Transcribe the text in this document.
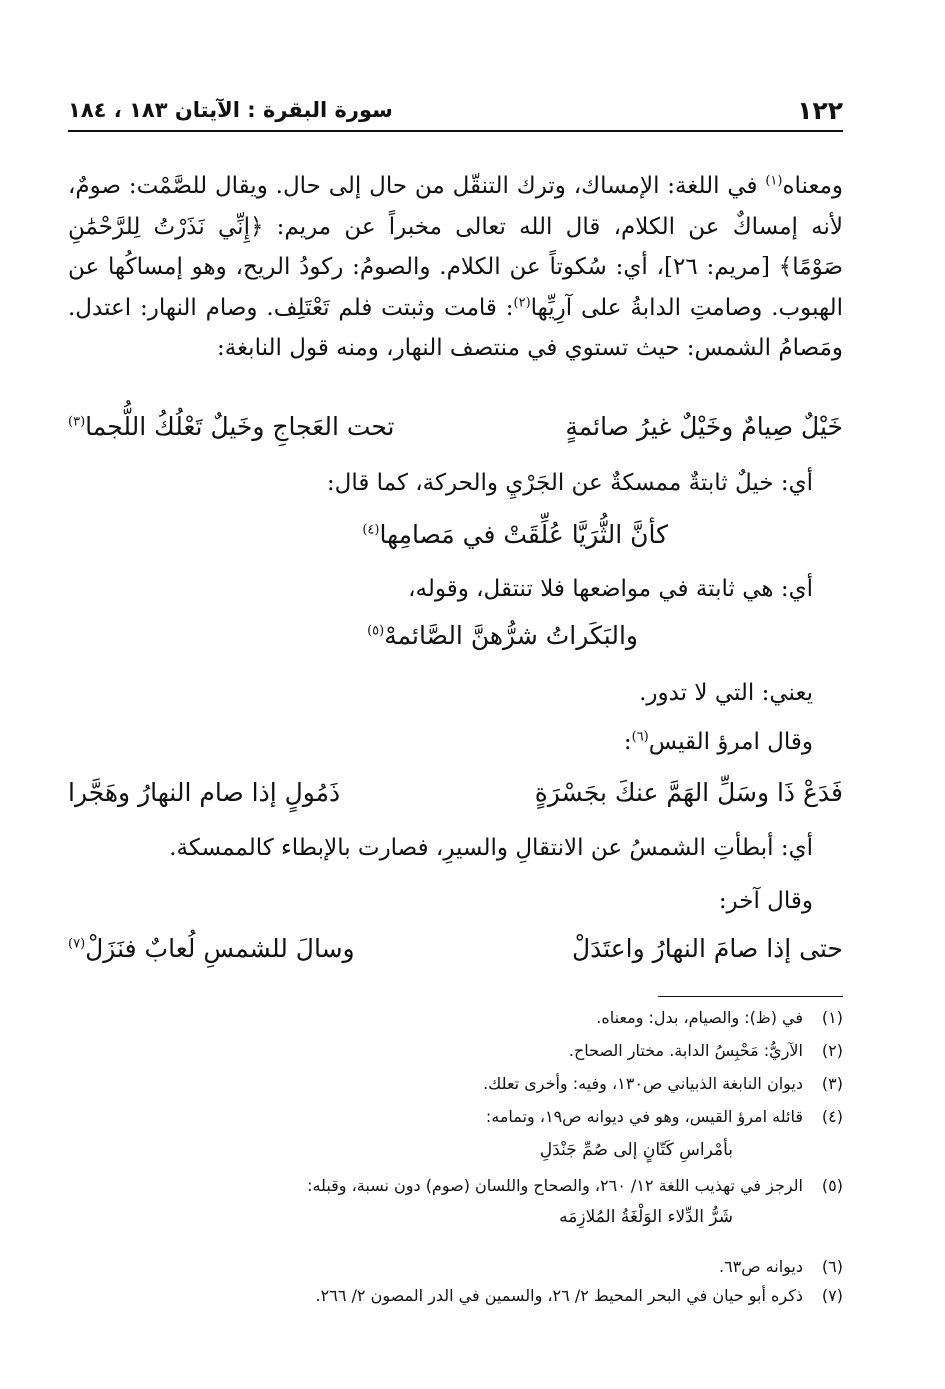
١٢٢
سورة البقرة : الآيتان ١٨٣ ، ١٨٤

ومعناه$^{(١)}$ في اللغة: الإمساك، وترك التنقّل من حال إلى حال. ويقال للصَّمْت: صومٌ، لأنه إمساكٌ عن الكلام، قال الله تعالى مخبراً عن مريم: ﴿إِنِّي نَذَرْتُ لِلرَّحْمَٰنِ صَوْمًا﴾ [مريم: ٢٦]، أي: سُكوتاً عن الكلام. والصومُ: ركودُ الريح، وهو إمساكُها عن الهبوب. وصامتِ الدابةُ على آرِيِّها$^{(٢)}$: قامت وثبتت فلم تَعْتَلِف. وصام النهار: اعتدل. ومَصامُ الشمس: حيث تستوي في منتصف النهار، ومنه قول النابغة:

خَيْلٌ صِيامٌ وخَيْلٌ غيرُ صائمةٍ
تحت العَجاجِ وخَيلٌ تَعْلُكُ اللُّجما$^{(٣)}$

أي: خيلٌ ثابتةٌ ممسكةٌ عن الجَرْيِ والحركة، كما قال:

كأنَّ الثُّرَيَّا عُلِّقَتْ في مَصامِها$^{(٤)}$

أي: هي ثابتة في مواضعها فلا تنتقل، وقوله،

والبَكَراتُ شرُّهنَّ الصَّائمهْ$^{(٥)}$

يعني: التي لا تدور.

وقال امرؤ القيس$^{(٦)}$:

فَدَعْ ذَا وسَلِّ الهَمَّ عنكَ بجَسْرَةٍ
ذَمُولٍ إذا صام النهارُ وهَجَّرا

أي: أبطأتِ الشمسُ عن الانتقالِ والسيرِ، فصارت بالإبطاء كالممسكة.

وقال آخر:

حتى إذا صامَ النهارُ واعتَدَلْ
وسالَ للشمسِ لُعابٌ فنَزَلْ$^{(٧)}$
(١)
في (ظ): والصيام، بدل: ومعناه.
(٢)
الآريُّ: مَحْبِسُ الدابة. مختار الصحاح.
(٣)
ديوان النابغة الذبياني ص١٣٠، وفيه: وأخرى تعلك.
(٤)
قائله امرؤ القيس، وهو في ديوانه ص١٩، وتمامه:
بأمْراسِ كَتّانٍ إلى صُمِّ جَنْدَلِ
(٥)
الرجز في تهذيب اللغة ١٢/ ٢٦٠، والصحاح واللسان (صوم) دون نسبة، وقبله:
شَرُّ الدِّلاء الوَلْغَةُ المُلازِمَه
(٦)
ديوانه ص٦٣.
(٧)
ذكره أبو حيان في البحر المحيط ٢/ ٢٦، والسمين في الدر المصون ٢/ ٢٦٦.
